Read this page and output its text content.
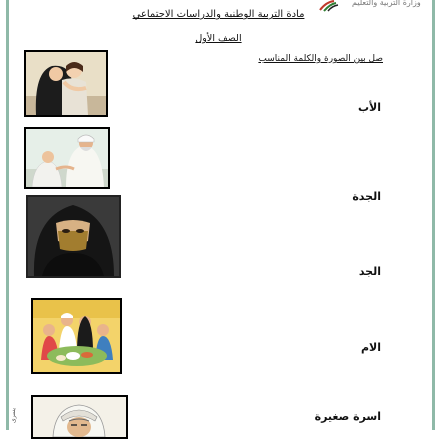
وزارة التربية والتعليم
مادة التربية الوطنية والدراسات الاجتماعي
الصف الأول
صل بين الصورة والكلمة المناسب
الأب
الجدة
الجد
الام
اسرة صغيرة
يسرى
